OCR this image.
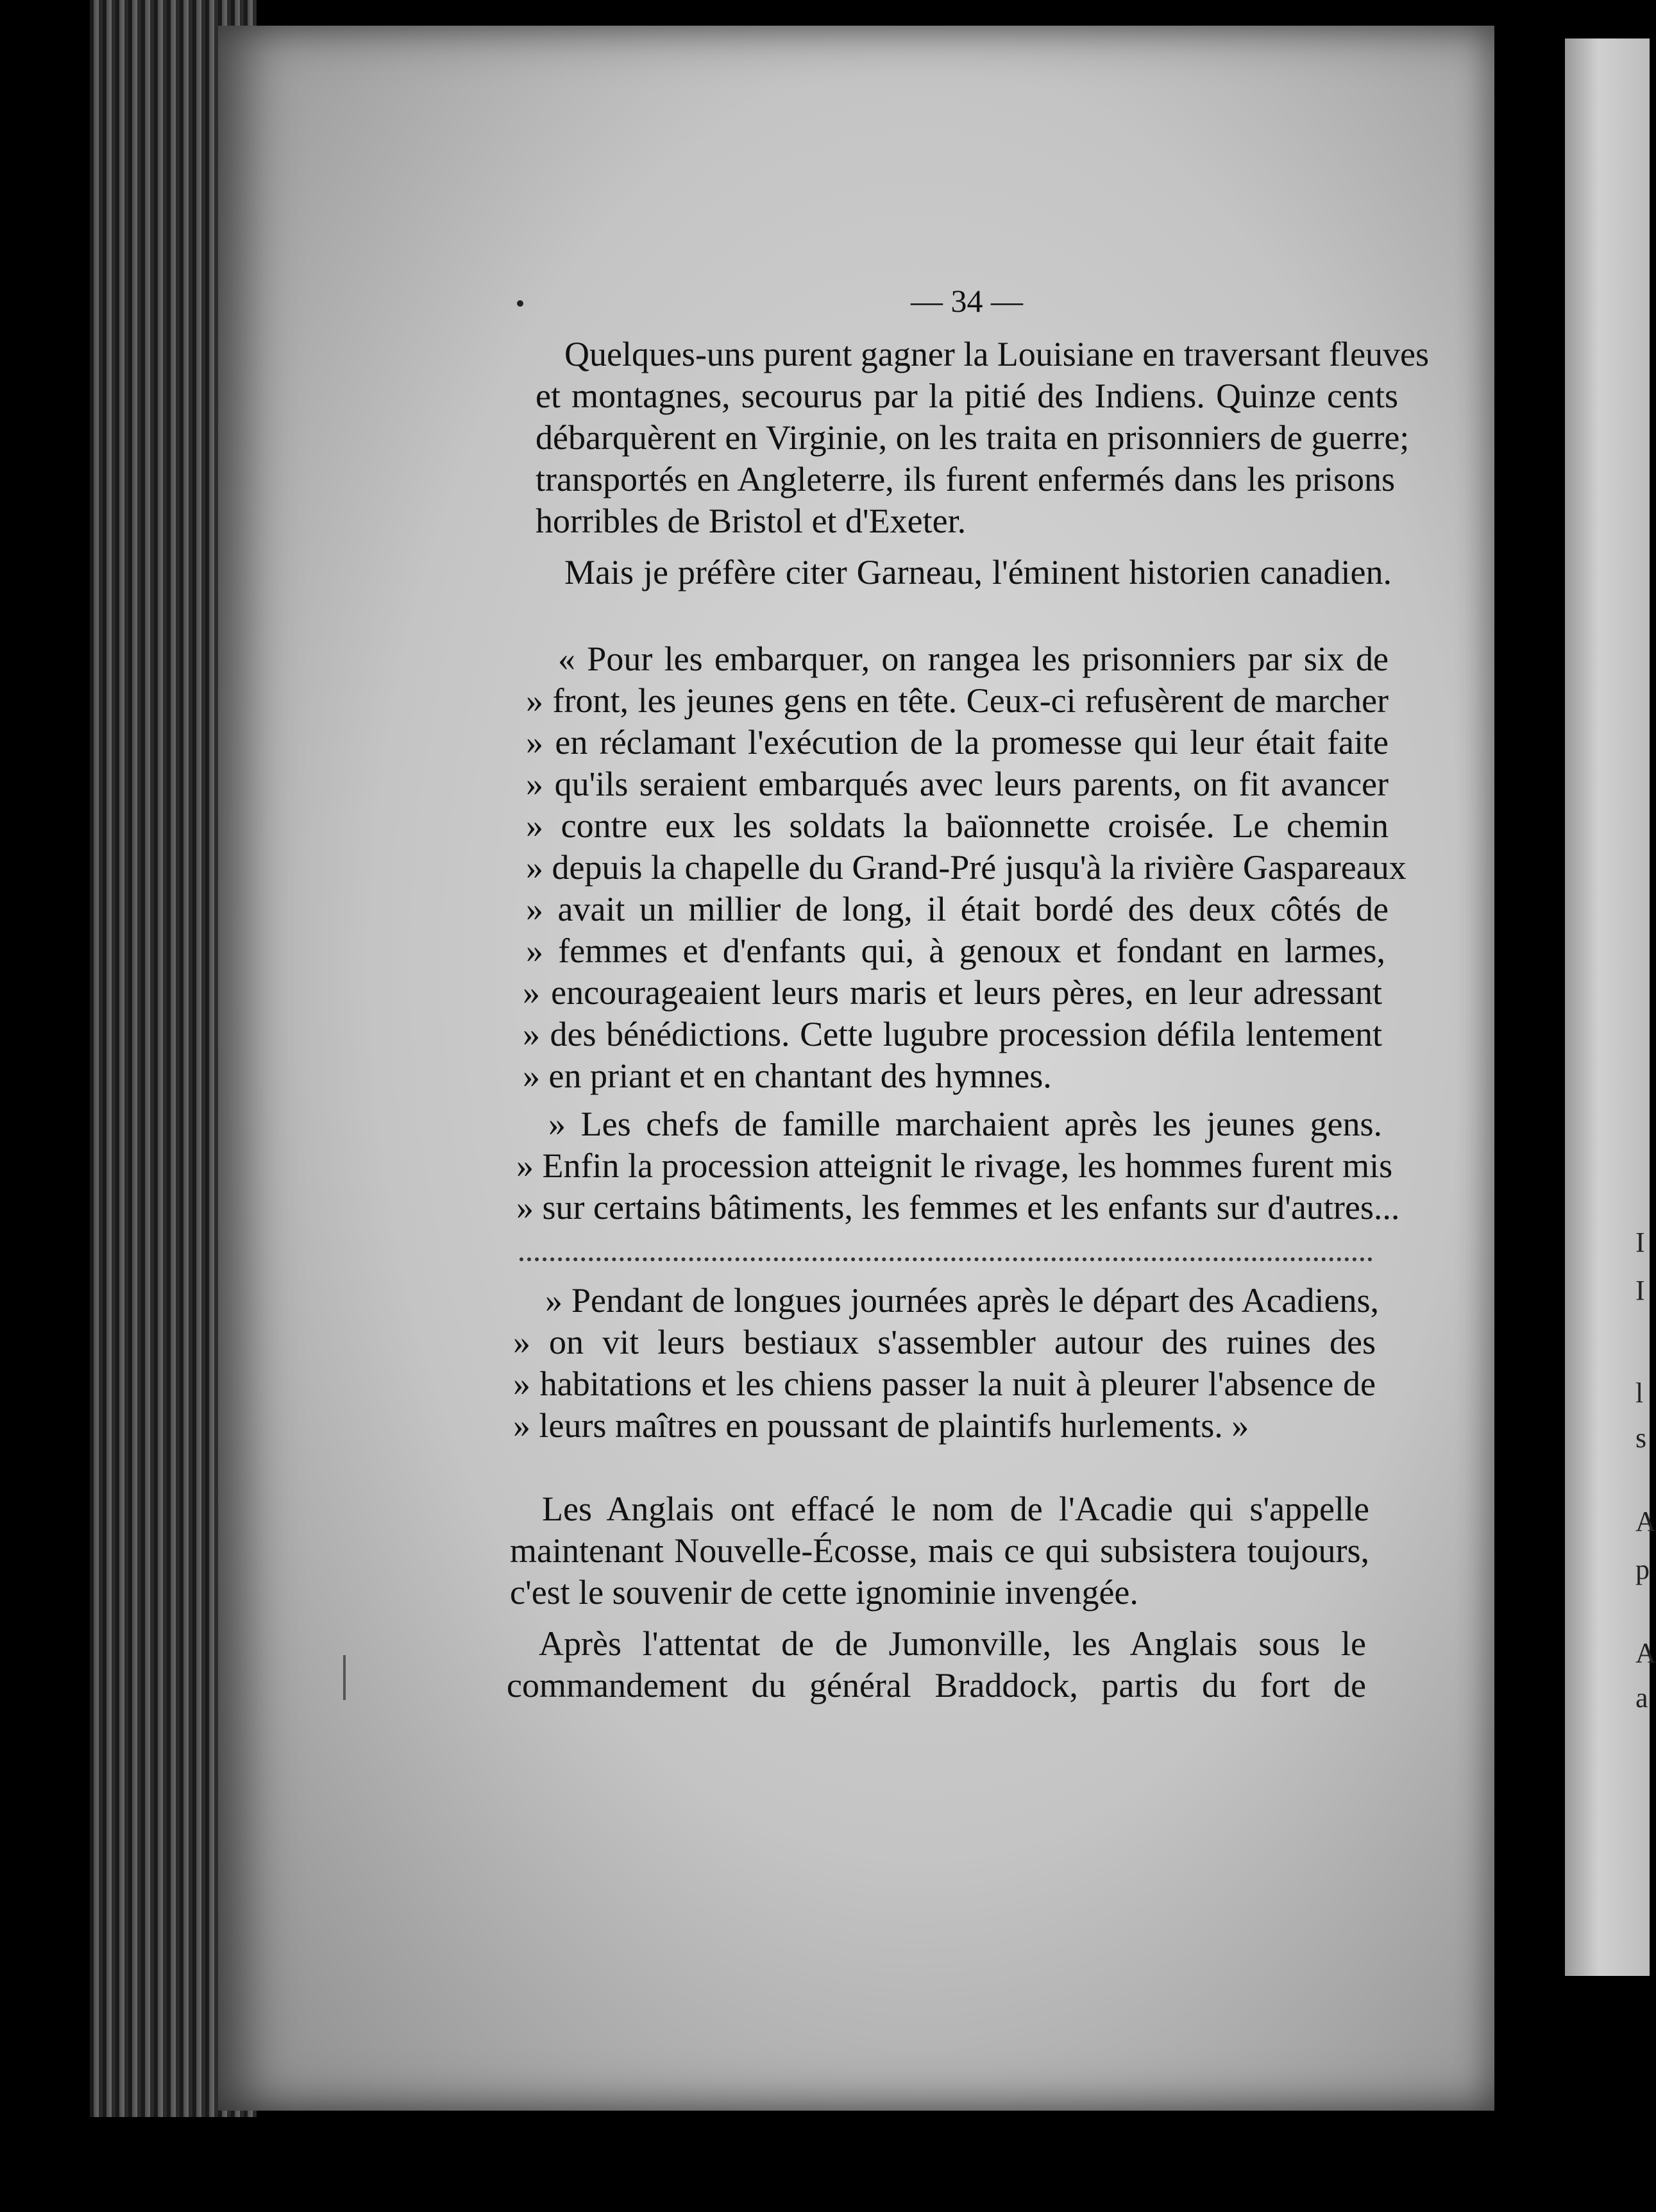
I
I
l
s
A
p
A
a
— 34 —
Quelques-uns purent gagner la Louisiane en traversant fleuves
et montagnes, secourus par la pitié des Indiens. Quinze cents
débarquèrent en Virginie, on les traita en prisonniers de guerre;
transportés en Angleterre, ils furent enfermés dans les prisons
horribles de Bristol et d'Exeter.
Mais je préfère citer Garneau, l'éminent historien canadien.
« Pour les embarquer, on rangea les prisonniers par six de
» front, les jeunes gens en tête. Ceux-ci refusèrent de marcher
» en réclamant l'exécution de la promesse qui leur était faite
» qu'ils seraient embarqués avec leurs parents, on fit avancer
» contre eux les soldats la baïonnette croisée. Le chemin
» depuis la chapelle du Grand-Pré jusqu'à la rivière Gaspareaux
» avait un millier de long, il était bordé des deux côtés de
» femmes et d'enfants qui, à genoux et fondant en larmes,
» encourageaient leurs maris et leurs pères, en leur adressant
» des bénédictions. Cette lugubre procession défila lentement
» en priant et en chantant des hymnes.
» Les chefs de famille marchaient après les jeunes gens.
» Enfin la procession atteignit le rivage, les hommes furent mis
» sur certains bâtiments, les femmes et les enfants sur d'autres...
» Pendant de longues journées après le départ des Acadiens,
» on vit leurs bestiaux s'assembler autour des ruines des
» habitations et les chiens passer la nuit à pleurer l'absence de
» leurs maîtres en poussant de plaintifs hurlements. »
Les Anglais ont effacé le nom de l'Acadie qui s'appelle
maintenant Nouvelle-Écosse, mais ce qui subsistera toujours,
c'est le souvenir de cette ignominie invengée.
Après l'attentat de de Jumonville, les Anglais sous le
commandement du général Braddock, partis du fort de
